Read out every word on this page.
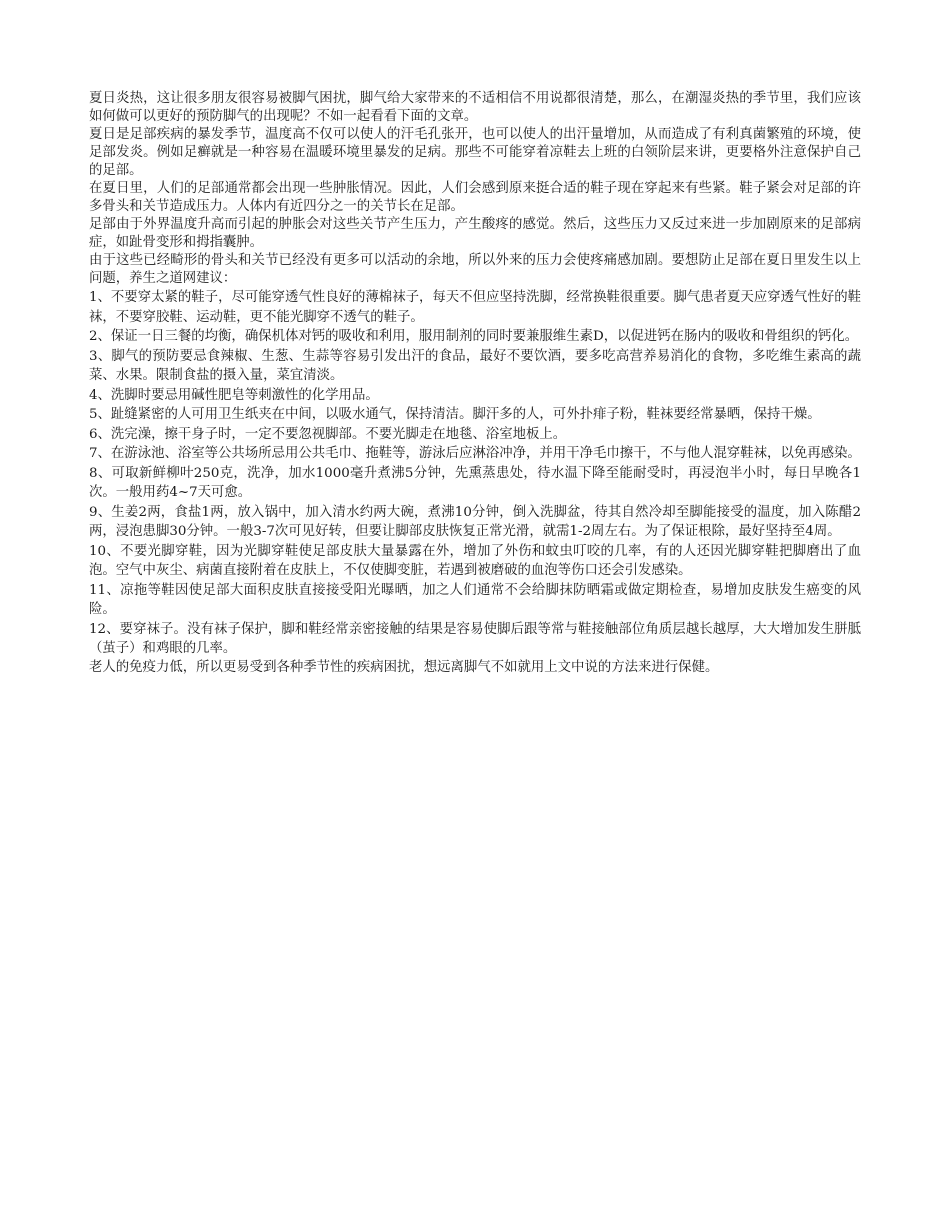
夏日炎热，这让很多朋友很容易被脚气困扰，脚气给大家带来的不适相信不用说都很清楚，那么，在潮湿炎热的季节里，我们应该如何做可以更好的预防脚气的出现呢？不如一起看看下面的文章。

夏日是足部疾病的暴发季节，温度高不仅可以使人的汗毛孔张开，也可以使人的出汗量增加，从而造成了有利真菌繁殖的环境，使足部发炎。例如足癣就是一种容易在温暖环境里暴发的足病。那些不可能穿着凉鞋去上班的白领阶层来讲，更要格外注意保护自己的足部。

在夏日里，人们的足部通常都会出现一些肿胀情况。因此，人们会感到原来挺合适的鞋子现在穿起来有些紧。鞋子紧会对足部的许多骨头和关节造成压力。人体内有近四分之一的关节长在足部。

足部由于外界温度升高而引起的肿胀会对这些关节产生压力，产生酸疼的感觉。然后，这些压力又反过来进一步加剧原来的足部病症，如趾骨变形和拇指囊肿。

由于这些已经畸形的骨头和关节已经没有更多可以活动的余地，所以外来的压力会使疼痛感加剧。要想防止足部在夏日里发生以上问题，养生之道网建议：

1、不要穿太紧的鞋子，尽可能穿透气性良好的薄棉袜子，每天不但应坚持洗脚，经常换鞋很重要。脚气患者夏天应穿透气性好的鞋袜，不要穿胶鞋、运动鞋，更不能光脚穿不透气的鞋子。

2、保证一日三餐的均衡，确保机体对钙的吸收和利用，服用制剂的同时要兼服维生素D，以促进钙在肠内的吸收和骨组织的钙化。

3、脚气的预防要忌食辣椒、生葱、生蒜等容易引发出汗的食品，最好不要饮酒，要多吃高营养易消化的食物，多吃维生素高的蔬菜、水果。限制食盐的摄入量，菜宜清淡。

4、洗脚时要忌用碱性肥皂等刺激性的化学用品。

5、趾缝紧密的人可用卫生纸夹在中间，以吸水通气，保持清洁。脚汗多的人，可外扑痱子粉，鞋袜要经常暴晒，保持干燥。

6、洗完澡，擦干身子时，一定不要忽视脚部。不要光脚走在地毯、浴室地板上。

7、在游泳池、浴室等公共场所忌用公共毛巾、拖鞋等，游泳后应淋浴冲净，并用干净毛巾擦干，不与他人混穿鞋袜，以免再感染。

8、可取新鲜柳叶250克，洗净，加水1000毫升煮沸5分钟，先熏蒸患处，待水温下降至能耐受时，再浸泡半小时，每日早晚各1次。一般用药4~7天可愈。

9、生姜2两，食盐1两，放入锅中，加入清水约两大碗，煮沸10分钟，倒入洗脚盆，待其自然冷却至脚能接受的温度，加入陈醋2两，浸泡患脚30分钟。一般3-7次可见好转，但要让脚部皮肤恢复正常光滑，就需1-2周左右。为了保证根除，最好坚持至4周。

10、不要光脚穿鞋，因为光脚穿鞋使足部皮肤大量暴露在外，增加了外伤和蚊虫叮咬的几率，有的人还因光脚穿鞋把脚磨出了血泡。空气中灰尘、病菌直接附着在皮肤上，不仅使脚变脏，若遇到被磨破的血泡等伤口还会引发感染。

11、凉拖等鞋因使足部大面积皮肤直接接受阳光曝晒，加之人们通常不会给脚抹防晒霜或做定期检查，易增加皮肤发生癌变的风险。

12、要穿袜子。没有袜子保护，脚和鞋经常亲密接触的结果是容易使脚后跟等常与鞋接触部位角质层越长越厚，大大增加发生胼胝（茧子）和鸡眼的几率。

老人的免疫力低，所以更易受到各种季节性的疾病困扰，想远离脚气不如就用上文中说的方法来进行保健。
